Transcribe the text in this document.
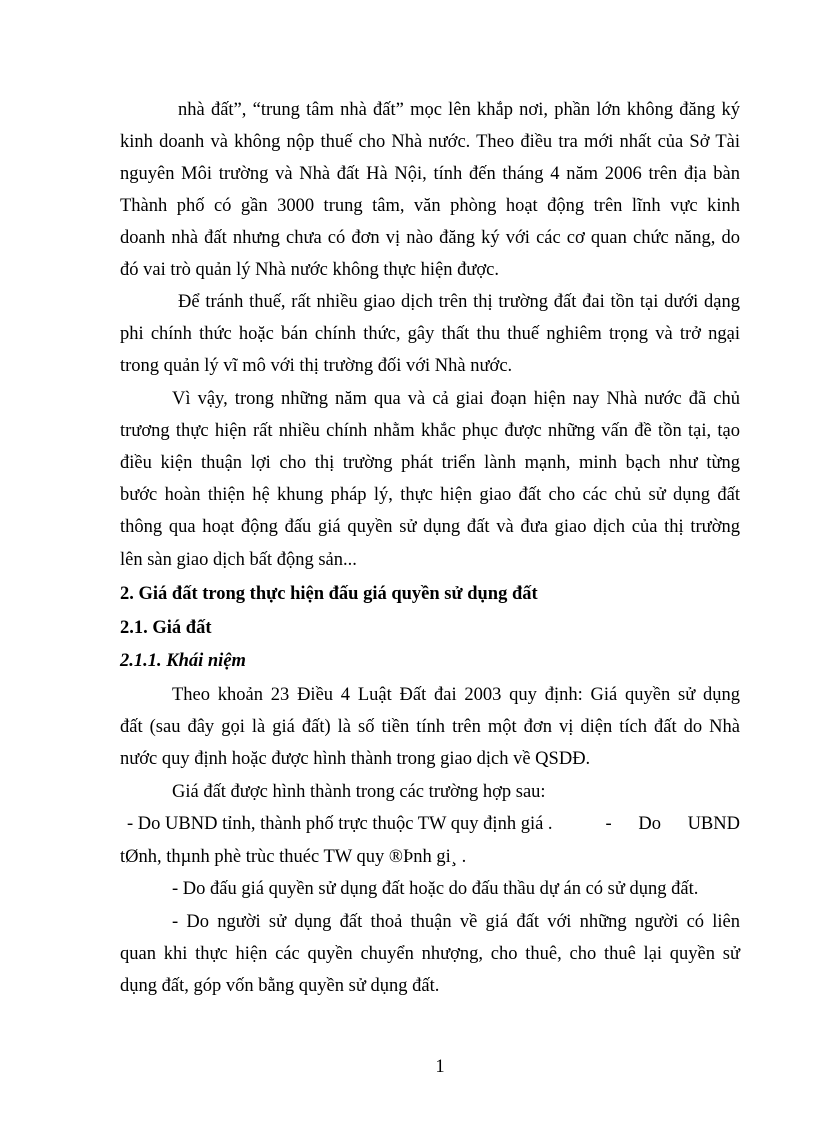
nhà đất”, “trung tâm nhà đất” mọc lên khắp nơi, phần lớn không đăng ký
kinh doanh và không nộp thuế cho Nhà nước. Theo điều tra mới nhất của Sở Tài
nguyên Môi trường và Nhà đất Hà Nội, tính đến tháng 4 năm 2006 trên địa bàn
Thành phố có gần 3000 trung tâm, văn phòng hoạt động trên lĩnh vực kinh
doanh nhà đất nhưng chưa có đơn vị nào đăng ký với các cơ quan chức năng, do
đó vai trò quản lý Nhà nước không thực hiện được.
Để tránh thuế, rất nhiều giao dịch trên thị trường đất đai tồn tại dưới dạng
phi chính thức hoặc bán chính thức, gây thất thu thuế nghiêm trọng và trở ngại
trong quản lý vĩ mô với thị trường đối với Nhà nước.
Vì vậy, trong những năm qua và cả giai đoạn hiện nay Nhà nước đã chủ
trương thực hiện rất nhiều chính nhằm khắc phục được những vấn đề tồn tại, tạo
điều kiện thuận lợi cho thị trường phát triển lành mạnh, minh bạch như từng
bước hoàn thiện hệ khung pháp lý, thực hiện giao đất cho các chủ sử dụng đất
thông qua hoạt động đấu giá quyền sử dụng đất và đưa giao dịch của thị trường
lên sàn giao dịch bất động sản...
2. Giá đất trong thực hiện đấu giá quyền sử dụng đất
2.1. Giá đất
2.1.1. Khái niệm
Theo khoản 23 Điều 4 Luật Đất đai 2003 quy định: Giá quyền sử dụng
đất (sau đây gọi là giá đất) là số tiền tính trên một đơn vị diện tích đất do Nhà
nước quy định hoặc được hình thành trong giao dịch về QSDĐ.
Giá đất được hình thành trong các trường hợp sau:
- Do UBND tỉnh, thành phố trực thuộc TW quy định giá .	- Do UBND
tØnh, thµnh phè trùc thuéc TW quy ®Þnh gi¸ .
- Do đấu giá quyền sử dụng đất hoặc do đấu thầu dự án có sử dụng đất.
- Do người sử dụng đất thoả thuận về giá đất với những người có liên
quan khi thực hiện các quyền chuyển nhượng, cho thuê, cho thuê lại quyền sử
dụng đất, góp vốn bằng quyền sử dụng đất.
1
